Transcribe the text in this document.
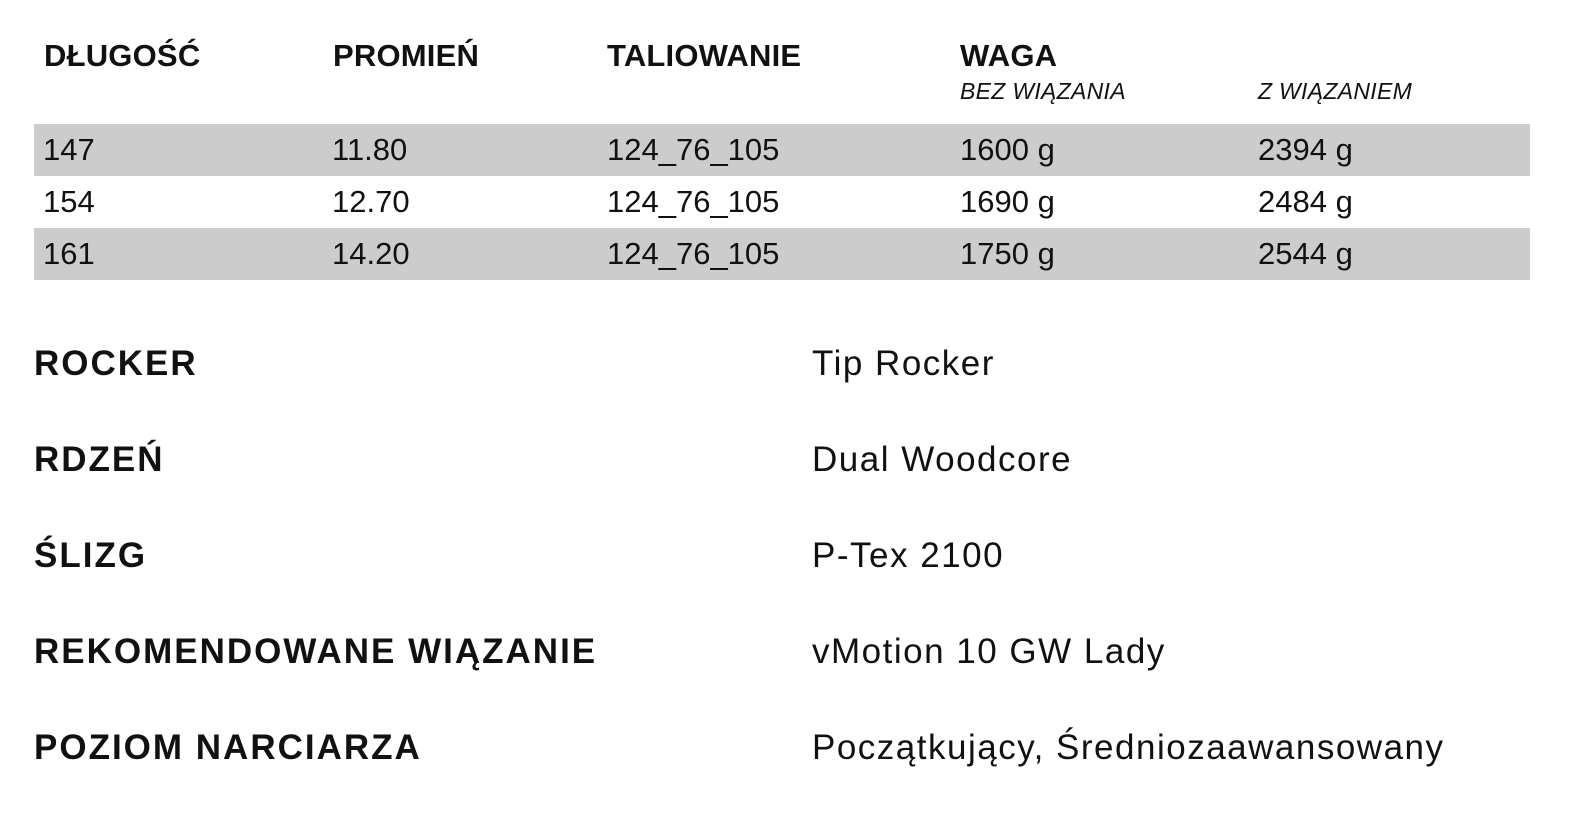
DŁUGOŚĆ	PROMIEŃ	TALIOWANIE	WAGA
BEZ WIĄZANIA	Z WIĄZANIEM
147	11.80	124_76_105	1600 g	2394 g
154	12.70	124_76_105	1690 g	2484 g
161	14.20	124_76_105	1750 g	2544 g
ROCKER	Tip Rocker
RDZEŃ	Dual Woodcore
ŚLIZG	P-Tex 2100
REKOMENDOWANE WIĄZANIE	vMotion 10 GW Lady
POZIOM NARCIARZA	Początkujący, Średniozaawansowany
